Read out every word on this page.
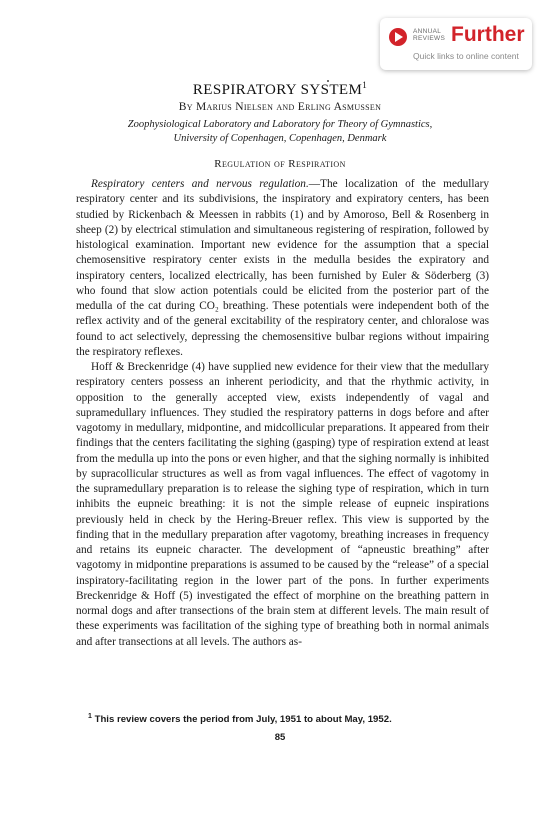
ANNUAL
REVIEWS Further
Quick links to online content
RESPIRATORY SYSTEM$^1$
By Marius Nielsen and Erling Asmussen
Zoophysiological Laboratory and Laboratory for Theory of Gymnastics,
University of Copenhagen, Copenhagen, Denmark
Regulation of Respiration

Respiratory centers and nervous regulation.—The localization of the medullary respiratory center and its subdivisions, the inspiratory and expiratory centers, has been studied by Rickenbach & Meessen in rabbits (1) and by Amoroso, Bell & Rosenberg in sheep (2) by electrical stimulation and simultaneous registering of respiration, followed by histological examination. Important new evidence for the assumption that a special chemosensitive respiratory center exists in the medulla besides the expiratory and inspiratory centers, localized electrically, has been furnished by Euler & Söderberg (3) who found that slow action potentials could be elicited from the posterior part of the medulla of the cat during CO₂ breathing. These potentials were independent both of the reflex activity and of the general excitability of the respiratory center, and chloralose was found to act selectively, depressing the chemosensitive bulbar regions without impairing the respiratory reflexes.

Hoff & Breckenridge (4) have supplied new evidence for their view that the medullary respiratory centers possess an inherent periodicity, and that the rhythmic activity, in opposition to the generally accepted view, exists independently of vagal and supramedullary influences. They studied the respiratory patterns in dogs before and after vagotomy in medullary, midpontine, and midcollicular preparations. It appeared from their findings that the centers facilitating the sighing (gasping) type of respiration extend at least from the medulla up into the pons or even higher, and that the sighing normally is inhibited by supracollicular structures as well as from vagal influences. The effect of vagotomy in the supramedullary preparation is to release the sighing type of respiration, which in turn inhibits the eupneic breathing: it is not the simple release of eupneic inspirations previously held in check by the Hering-Breuer reflex. This view is supported by the finding that in the medullary preparation after vagotomy, breathing increases in frequency and retains its eupneic character. The development of “apneustic breathing” after vagotomy in midpontine preparations is assumed to be caused by the “release” of a special inspiratory-facilitating region in the lower part of the pons. In further experiments Breckenridge & Hoff (5) investigated the effect of morphine on the breathing pattern in normal dogs and after transections of the brain stem at different levels. The main result of these experiments was facilitation of the sighing type of breathing both in normal animals and after transections at all levels. The authors as-

$^1$ This review covers the period from July, 1951 to about May, 1952.
85
